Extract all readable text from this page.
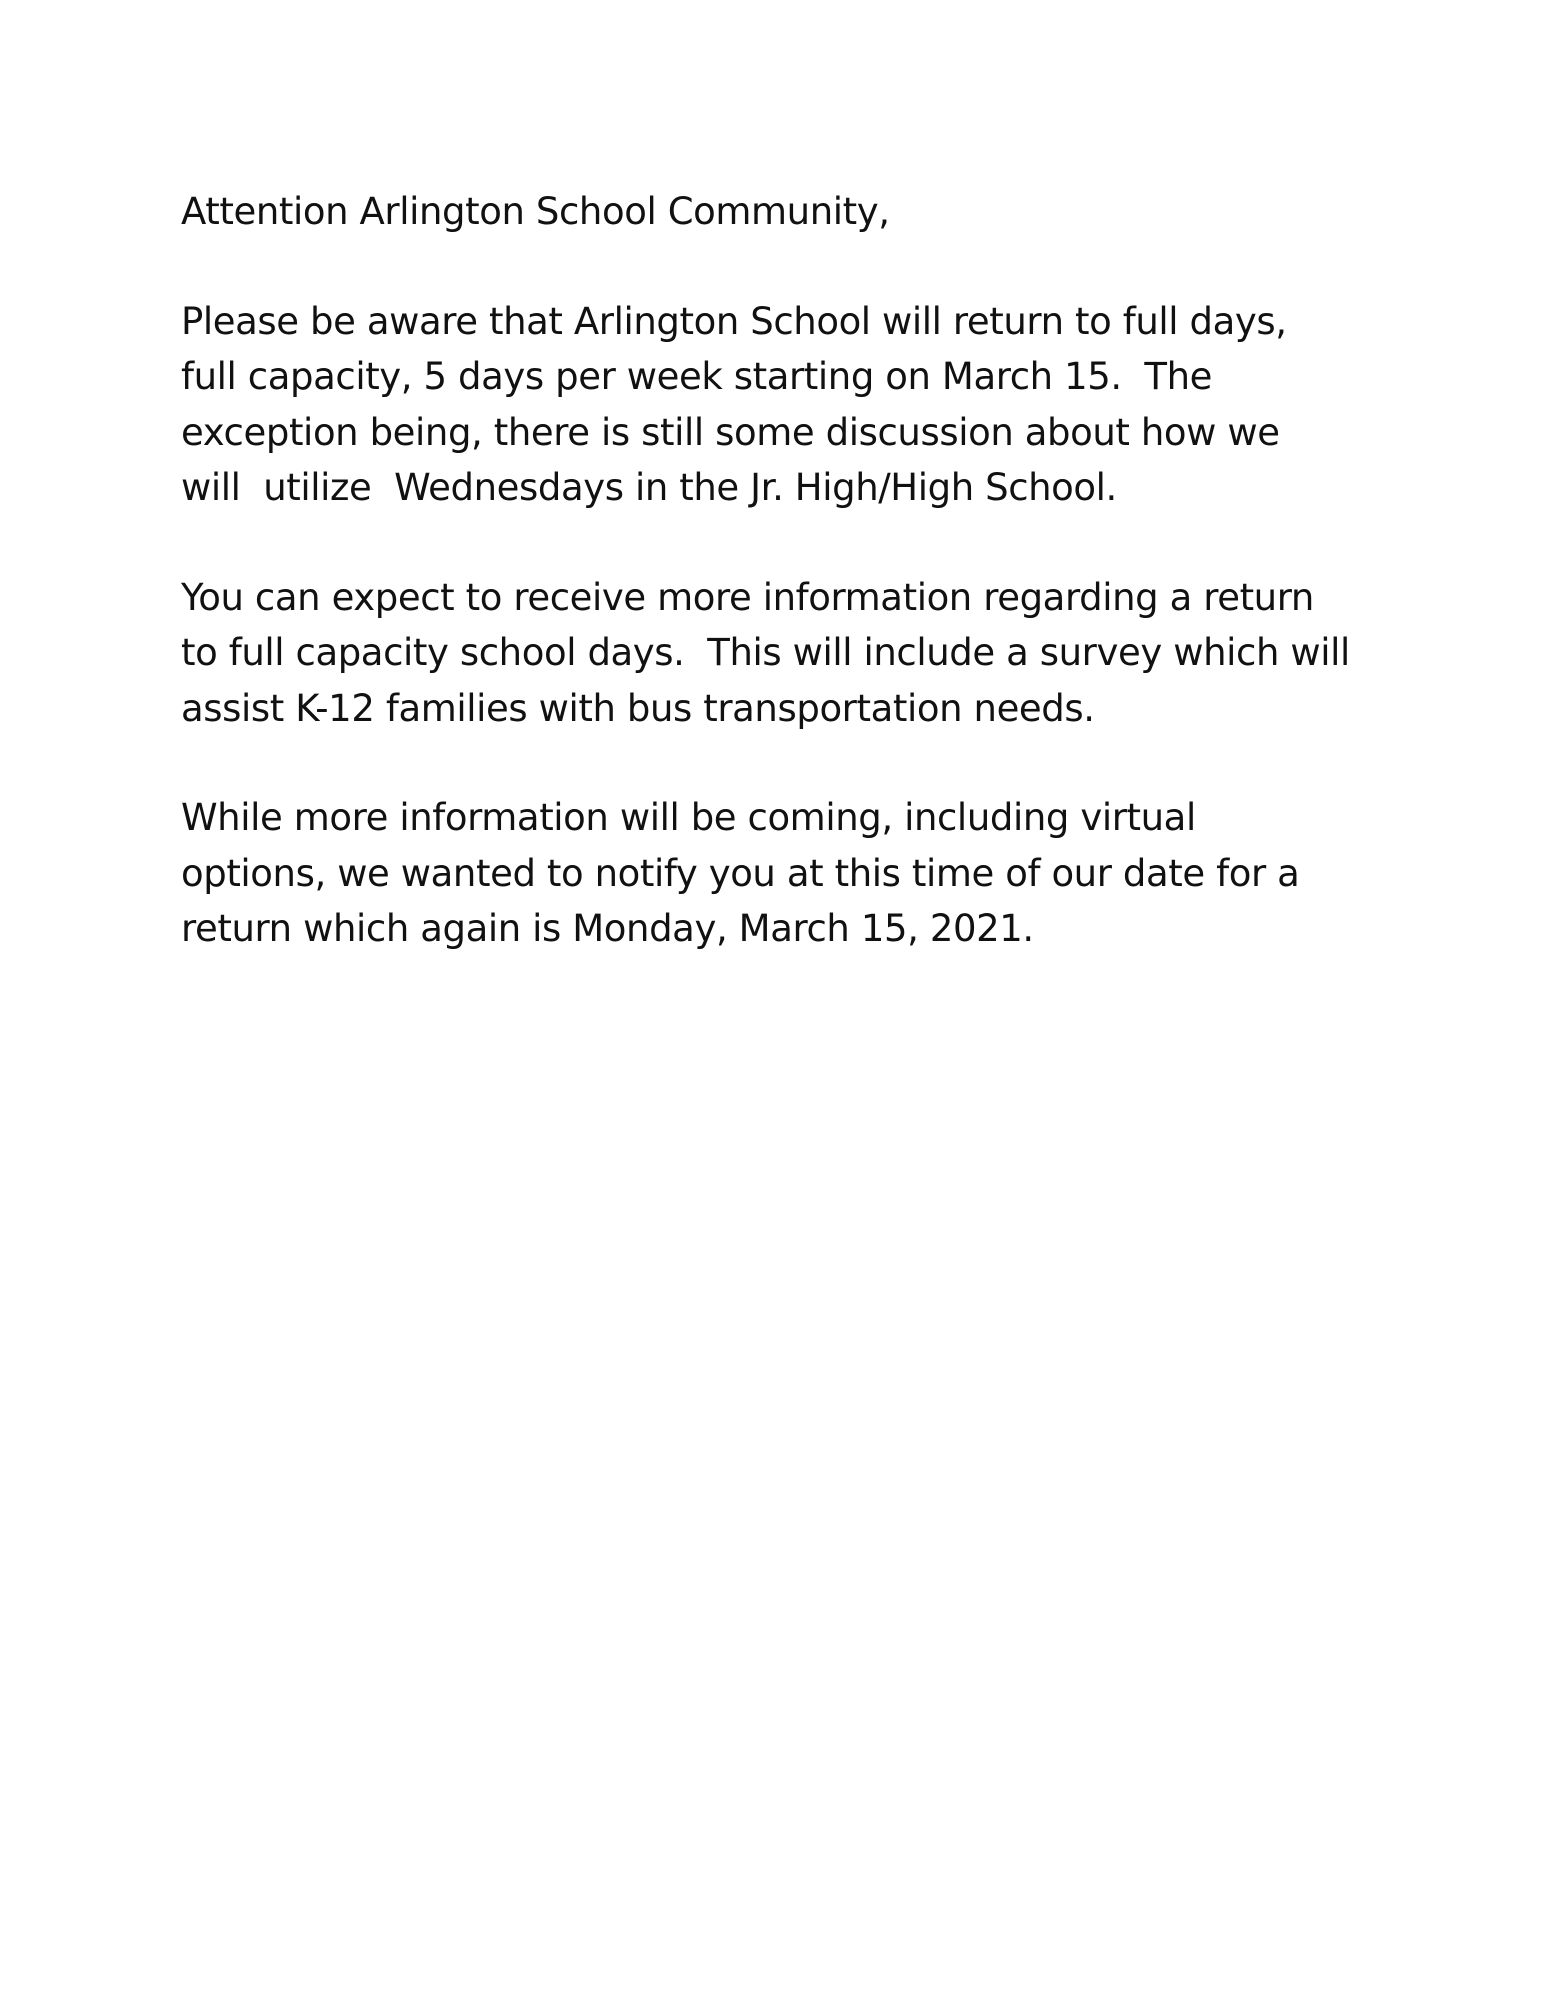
Attention Arlington School Community,
Please be aware that Arlington School will return to full days,
full capacity, 5 days per week starting on March 15.  The
exception being, there is still some discussion about how we
will  utilize  Wednesdays in the Jr. High/High School.
You can expect to receive more information regarding a return
to full capacity school days.  This will include a survey which will
assist K-12 families with bus transportation needs.
While more information will be coming, including virtual
options, we wanted to notify you at this time of our date for a
return which again is Monday, March 15, 2021.
